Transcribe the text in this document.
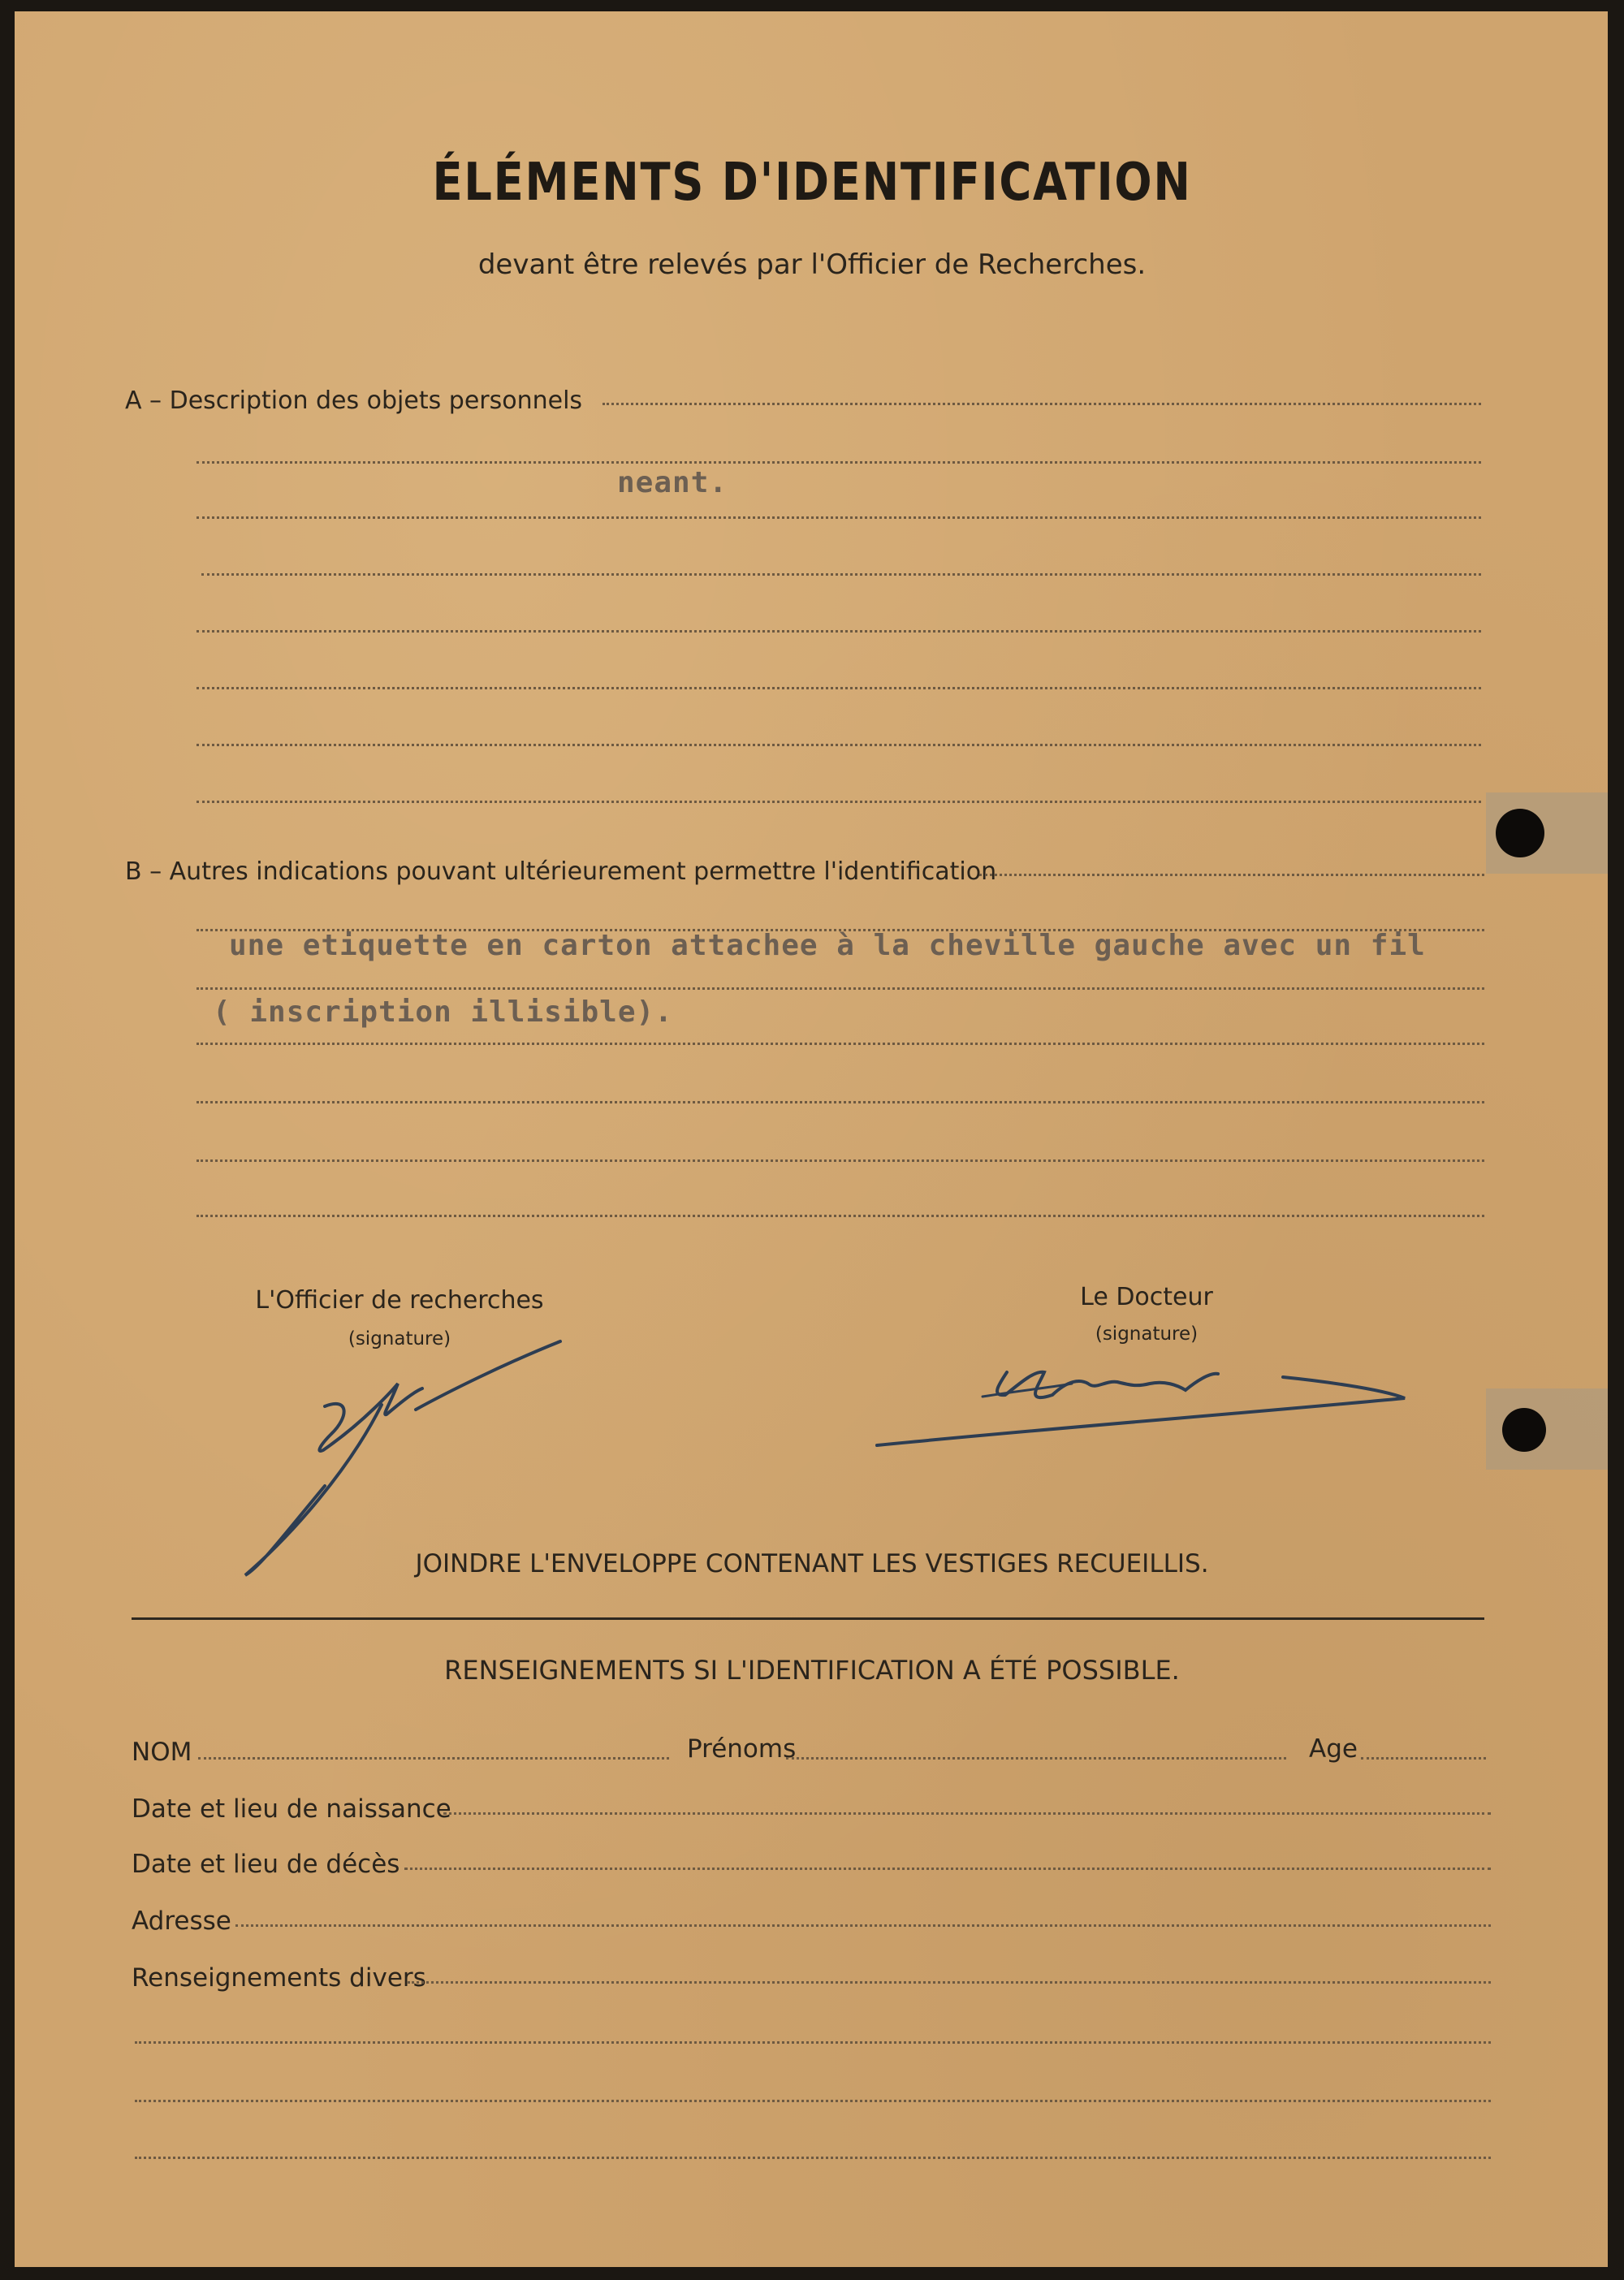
ÉLÉMENTS D'IDENTIFICATION
devant être relevés par l'Officier de Recherches.
A – Description des objets personnels
neant.
B – Autres indications pouvant ultérieurement permettre l'identification
une etiquette en carton attachee à la cheville gauche avec un fil
( inscription illisible).
L'Officier de recherches
(signature)
Le Docteur
(signature)
JOINDRE L'ENVELOPPE CONTENANT LES VESTIGES RECUEILLIS.
RENSEIGNEMENTS SI L'IDENTIFICATION A ÉTÉ POSSIBLE.
NOM	Prénoms	Age
Date et lieu de naissance
Date et lieu de décès
Adresse
Renseignements divers
